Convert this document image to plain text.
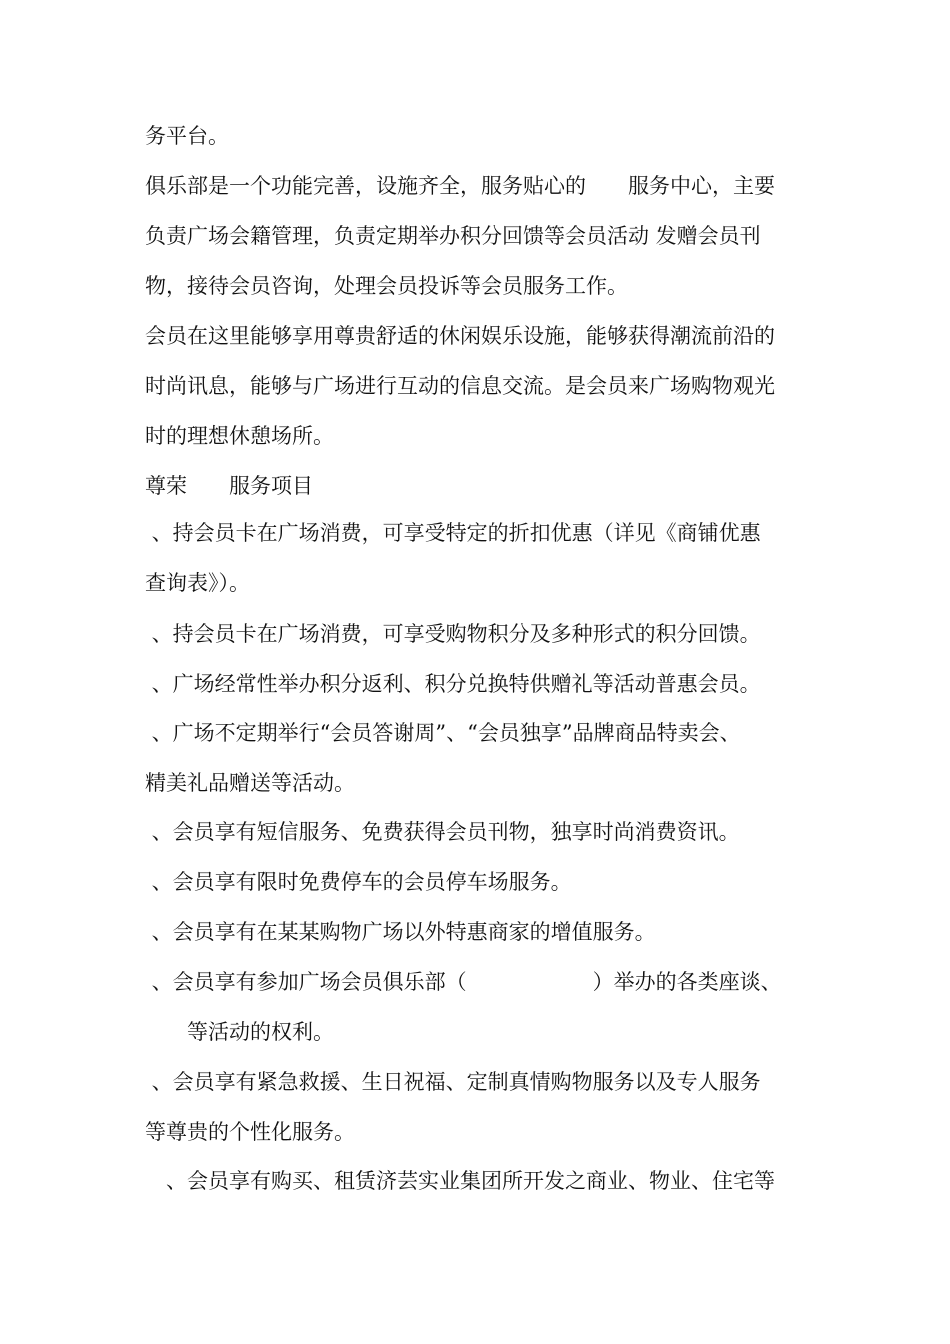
务平台。
俱乐部是一个功能完善，设施齐全，服务贴心的　　服务中心，主要
负责广场会籍管理，负责定期举办积分回馈等会员活动 发赠会员刊
物，接待会员咨询，处理会员投诉等会员服务工作。
会员在这里能够享用尊贵舒适的休闲娱乐设施，能够获得潮流前沿的
时尚讯息，能够与广场进行互动的信息交流。是会员来广场购物观光
时的理想休憩场所。
尊荣　　服务项目
、持会员卡在广场消费，可享受特定的折扣优惠（详见《商铺优惠
查询表》）。
、持会员卡在广场消费，可享受购物积分及多种形式的积分回馈。
、广场经常性举办积分返利、积分兑换特供赠礼等活动普惠会员。
、广场不定期举行“会员答谢周”、“会员独享”品牌商品特卖会、
精美礼品赠送等活动。
、会员享有短信服务、免费获得会员刊物，独享时尚消费资讯。
、会员享有限时免费停车的会员停车场服务。
、会员享有在某某购物广场以外特惠商家的增值服务。
、会员享有参加广场会员俱乐部（　　　　　　）举办的各类座谈、
　　等活动的权利。
、会员享有紧急救援、生日祝福、定制真情购物服务以及专人服务
等尊贵的个性化服务。
　、会员享有购买、租赁济芸实业集团所开发之商业、物业、住宅等
